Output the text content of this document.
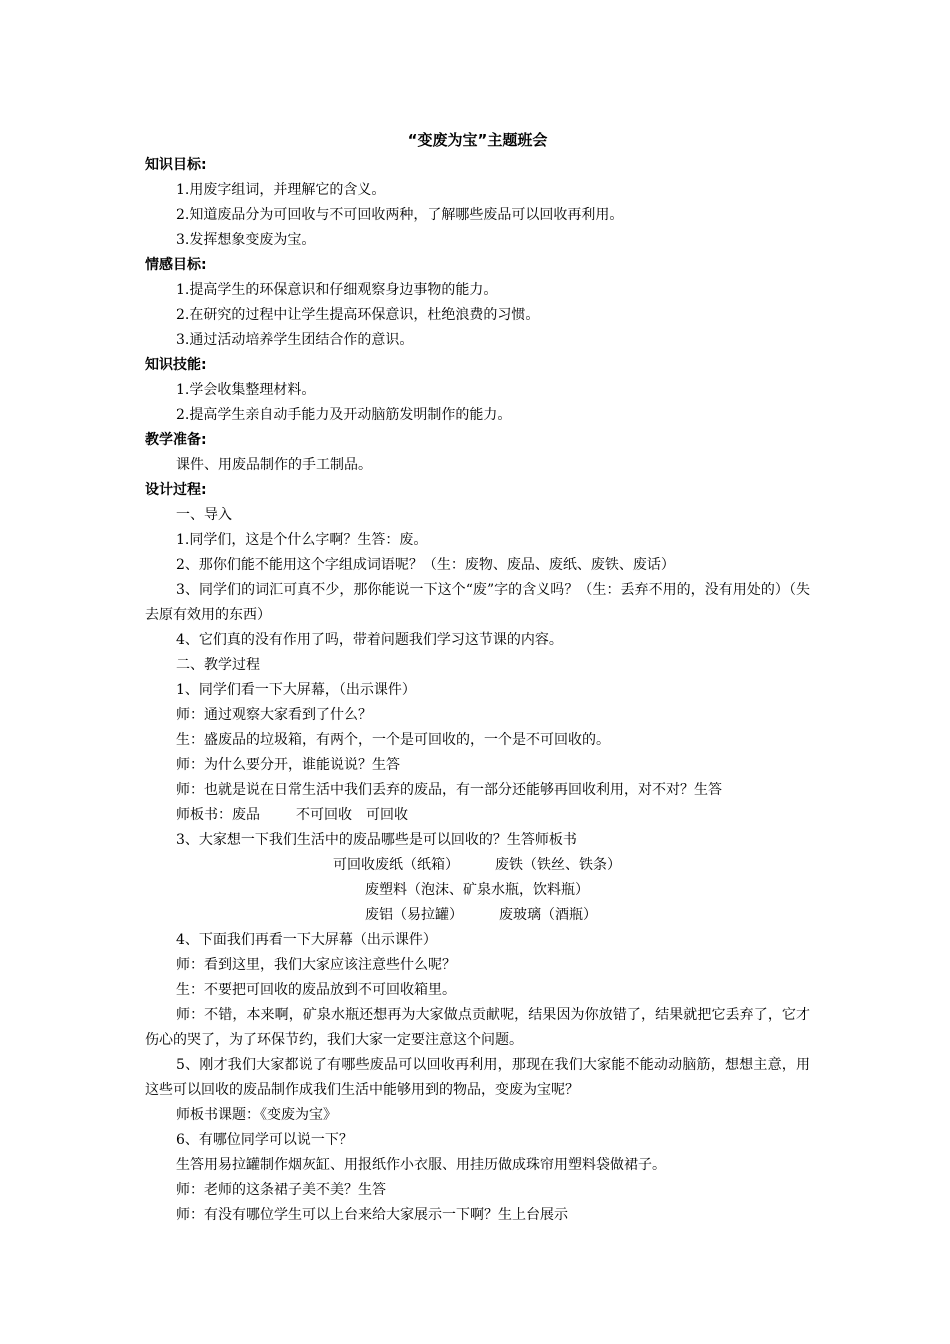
“变废为宝”主题班会

知识目标:

1.用废字组词，并理解它的含义。

2.知道废品分为可回收与不可回收两种，了解哪些废品可以回收再利用。

3.发挥想象变废为宝。

情感目标:

1.提高学生的环保意识和仔细观察身边事物的能力。

2.在研究的过程中让学生提高环保意识，杜绝浪费的习惯。

3.通过活动培养学生团结合作的意识。

知识技能:

1.学会收集整理材料。

2.提高学生亲自动手能力及开动脑筋发明制作的能力。

教学准备:

课件、用废品制作的手工制品。

设计过程:

一、导入

1.同学们，这是个什么字啊？生答：废。

2、那你们能不能用这个字组成词语呢？（生：废物、废品、废纸、废铁、废话）

3、同学们的词汇可真不少，那你能说一下这个“废”字的含义吗？（生：丢弃不用的，没有用处的）（失去原有效用的东西）

4、它们真的没有作用了吗，带着问题我们学习这节课的内容。

二、教学过程

1、同学们看一下大屏幕，（出示课件）

师：通过观察大家看到了什么？

生：盛废品的垃圾箱，有两个，一个是可回收的，一个是不可回收的。

师：为什么要分开，谁能说说？生答

师：也就是说在日常生活中我们丢弃的废品，有一部分还能够再回收利用，对不对？生答

师板书：废品	不可回收 可回收

3、大家想一下我们生活中的废品哪些是可以回收的？生答师板书

可回收废纸（纸箱）	废铁（铁丝、铁条）

废塑料（泡沫、矿泉水瓶，饮料瓶）

废铝（易拉罐）	废玻璃（酒瓶）

4、下面我们再看一下大屏幕（出示课件）

师：看到这里，我们大家应该注意些什么呢？

生：不要把可回收的废品放到不可回收箱里。

师：不错，本来啊，矿泉水瓶还想再为大家做点贡献呢，结果因为你放错了，结果就把它丢弃了，它才伤心的哭了，为了环保节约，我们大家一定要注意这个问题。

5、刚才我们大家都说了有哪些废品可以回收再利用，那现在我们大家能不能动动脑筋，想想主意，用这些可以回收的废品制作成我们生活中能够用到的物品，变废为宝呢？

师板书课题：《变废为宝》

6、有哪位同学可以说一下？

生答用易拉罐制作烟灰缸、用报纸作小衣服、用挂历做成珠帘用塑料袋做裙子。

师：老师的这条裙子美不美？生答

师：有没有哪位学生可以上台来给大家展示一下啊？生上台展示
